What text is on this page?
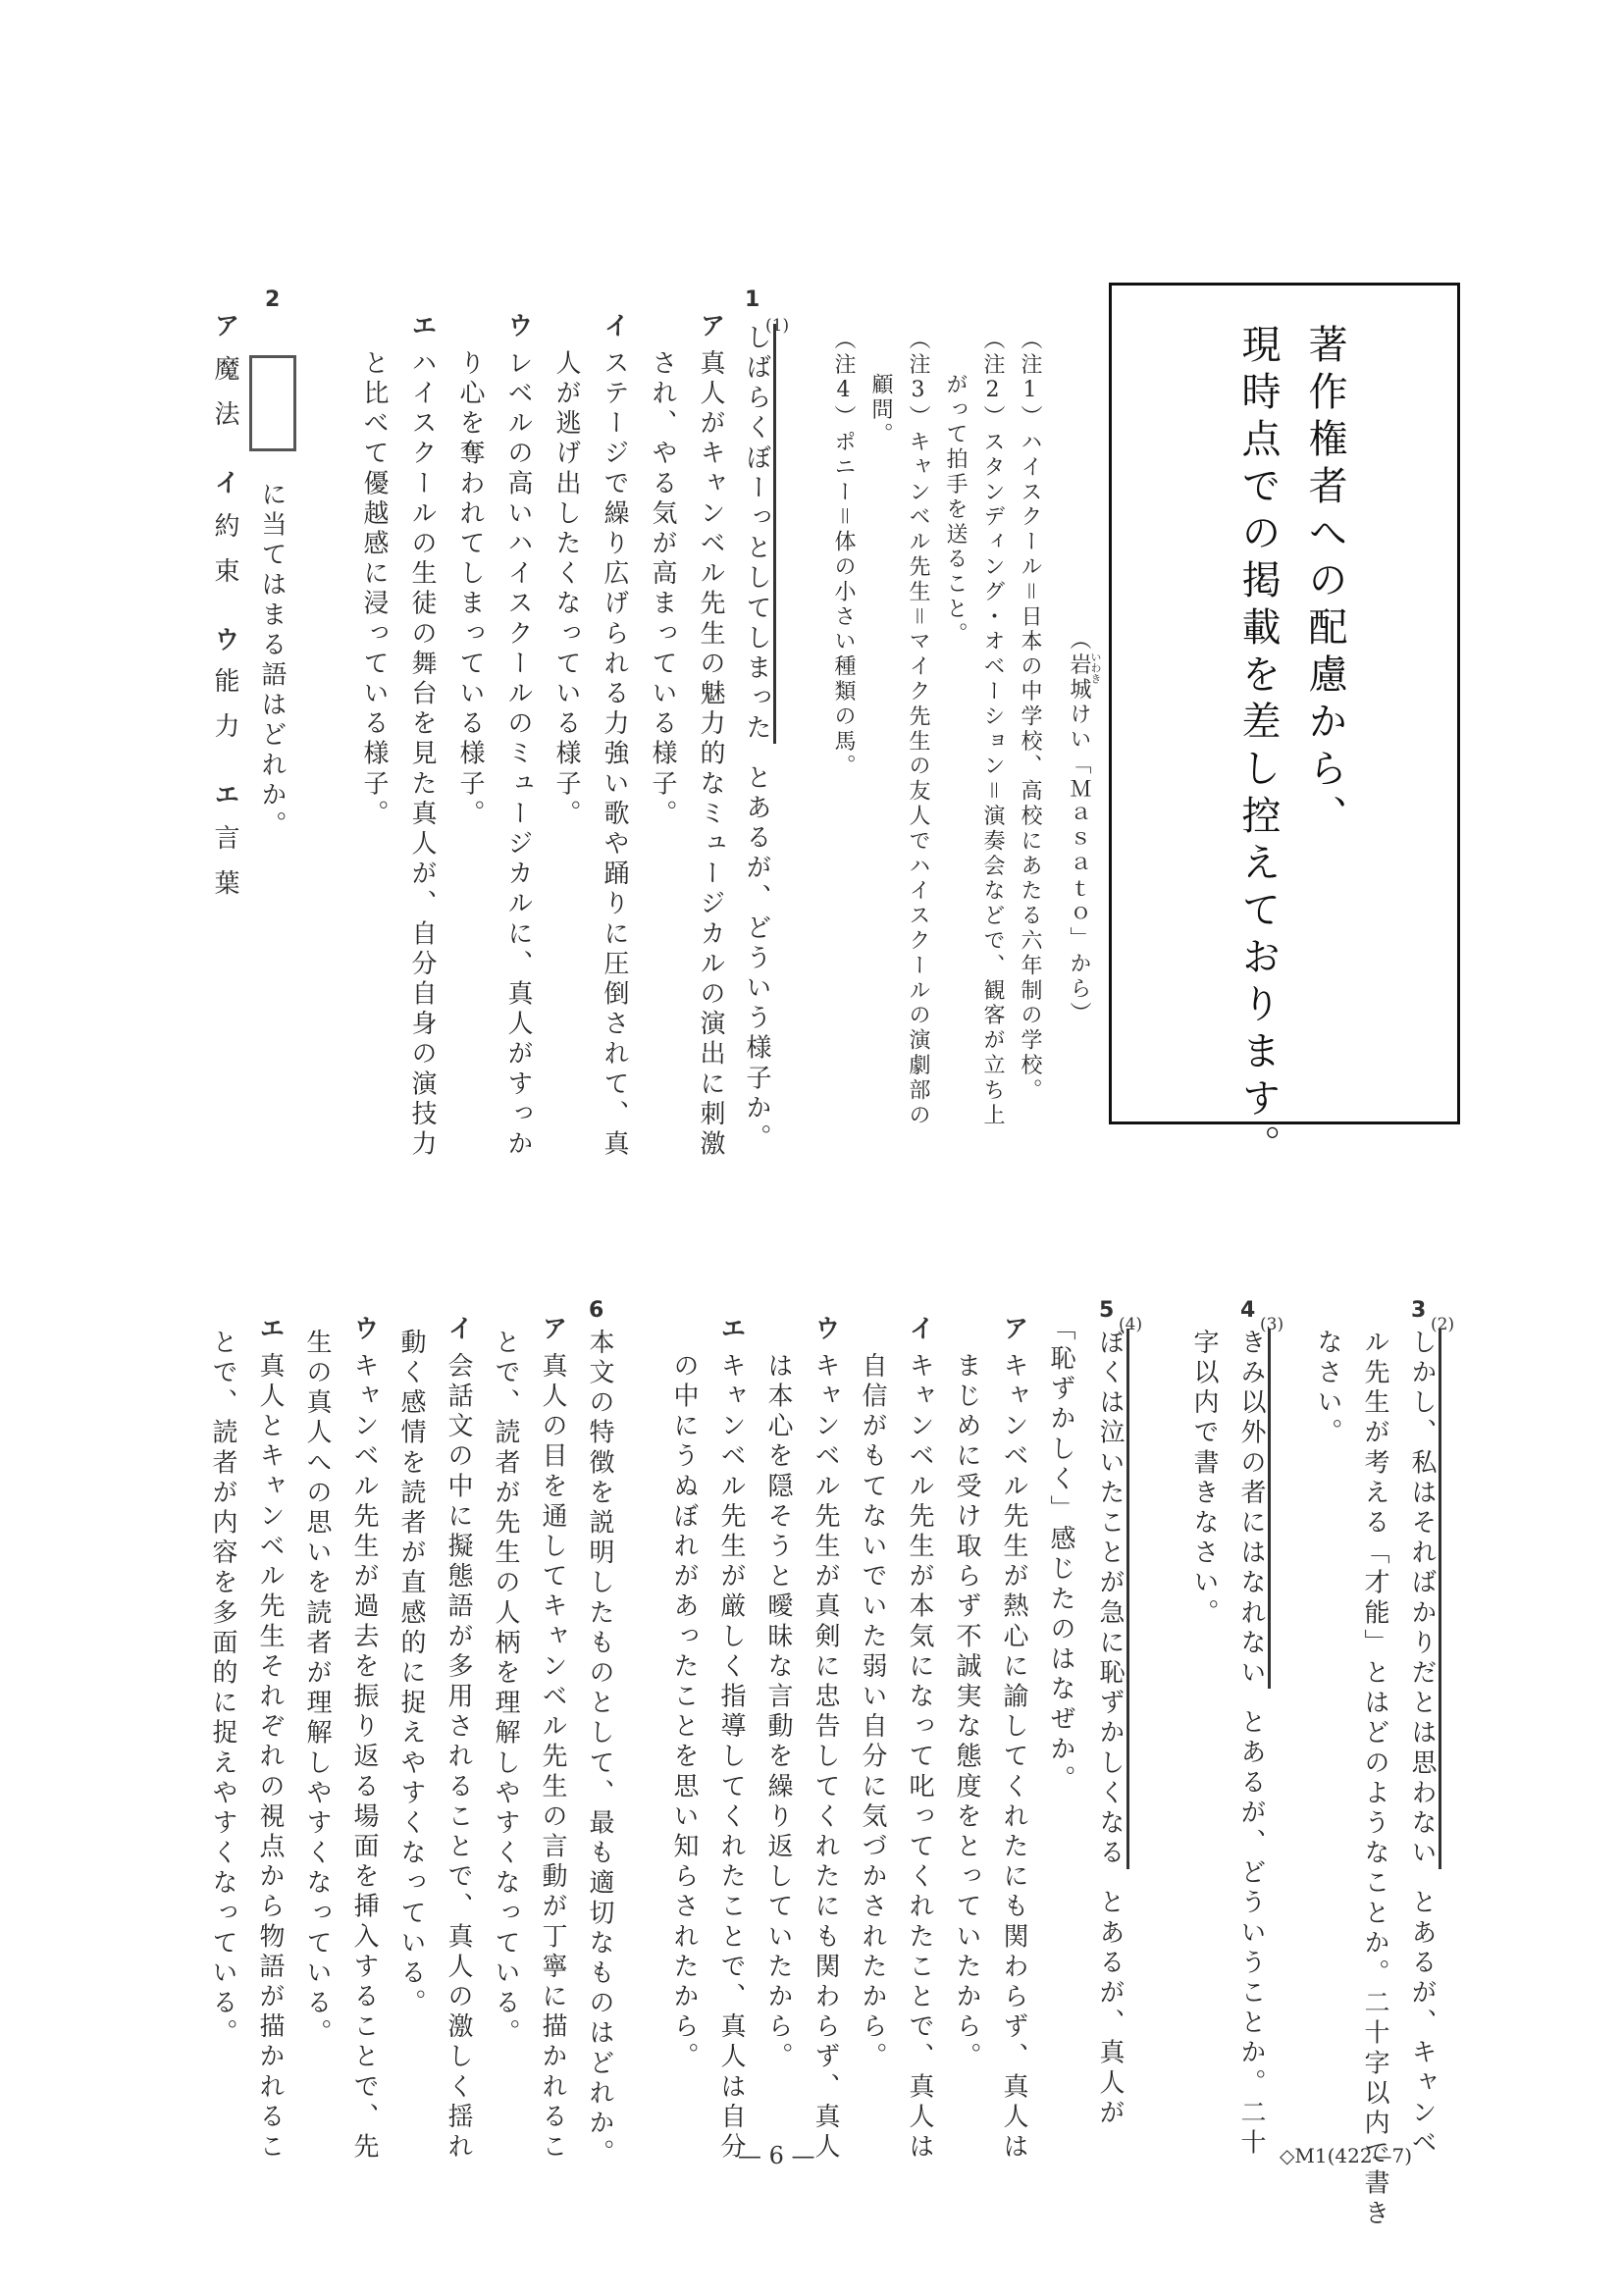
著作権者への配慮から、
現時点での掲載を差し控えております。
（岩城けい「Ｍａｓａｔｏ」から）
いわき
（注1）ハイスクール＝日本の中学校、高校にあたる六年制の学校。
（注2）スタンディング・オベーション＝演奏会などで、観客が立ち上
がって拍手を送ること。
（注3）キャンベル先生＝マイク先生の友人でハイスクールの演劇部の
顧問。
（注4）ポニー＝体の小さい種類の馬。
1
(1)
しばらくぼーっとしてしまったとあるが、どういう様子か。
ア
真人がキャンベル先生の魅力的なミュージカルの演出に刺激
され、やる気が高まっている様子。
イ
ステージで繰り広げられる力強い歌や踊りに圧倒されて、真
人が逃げ出したくなっている様子。
ウ
レベルの高いハイスクールのミュージカルに、真人がすっか
り心を奪われてしまっている様子。
エ
ハイスクールの生徒の舞台を見た真人が、自分自身の演技力
と比べて優越感に浸っている様子。
2
に当てはまる語はどれか。
ア
魔法
イ
約束
ウ
能力
エ
言葉
3
(2)
しかし、私はそればかりだとは思わないとあるが、キャンベ
ル先生が考える「才能」とはどのようなことか。二十字以内で書き
なさい。
4
(3)
きみ以外の者にはなれないとあるが、どういうことか。二十
字以内で書きなさい。
5
(4)
ぼくは泣いたことが急に恥ずかしくなるとあるが、真人が
「恥ずかしく」感じたのはなぜか。
ア
キャンベル先生が熱心に諭してくれたにも関わらず、真人は
まじめに受け取らず不誠実な態度をとっていたから。
イ
キャンベル先生が本気になって叱ってくれたことで、真人は
自信がもてないでいた弱い自分に気づかされたから。
ウ
キャンベル先生が真剣に忠告してくれたにも関わらず、真人
は本心を隠そうと曖昧な言動を繰り返していたから。
エ
キャンベル先生が厳しく指導してくれたことで、真人は自分
の中にうぬぼれがあったことを思い知らされたから。
6
本文の特徴を説明したものとして、最も適切なものはどれか。
ア
真人の目を通してキャンベル先生の言動が丁寧に描かれるこ
とで、読者が先生の人柄を理解しやすくなっている。
イ
会話文の中に擬態語が多用されることで、真人の激しく揺れ
動く感情を読者が直感的に捉えやすくなっている。
ウ
キャンベル先生が過去を振り返る場面を挿入することで、先
生の真人への思いを読者が理解しやすくなっている。
エ
真人とキャンベル先生それぞれの視点から物語が描かれるこ
とで、読者が内容を多面的に捉えやすくなっている。
— 6 —	◇M1(422—7)
